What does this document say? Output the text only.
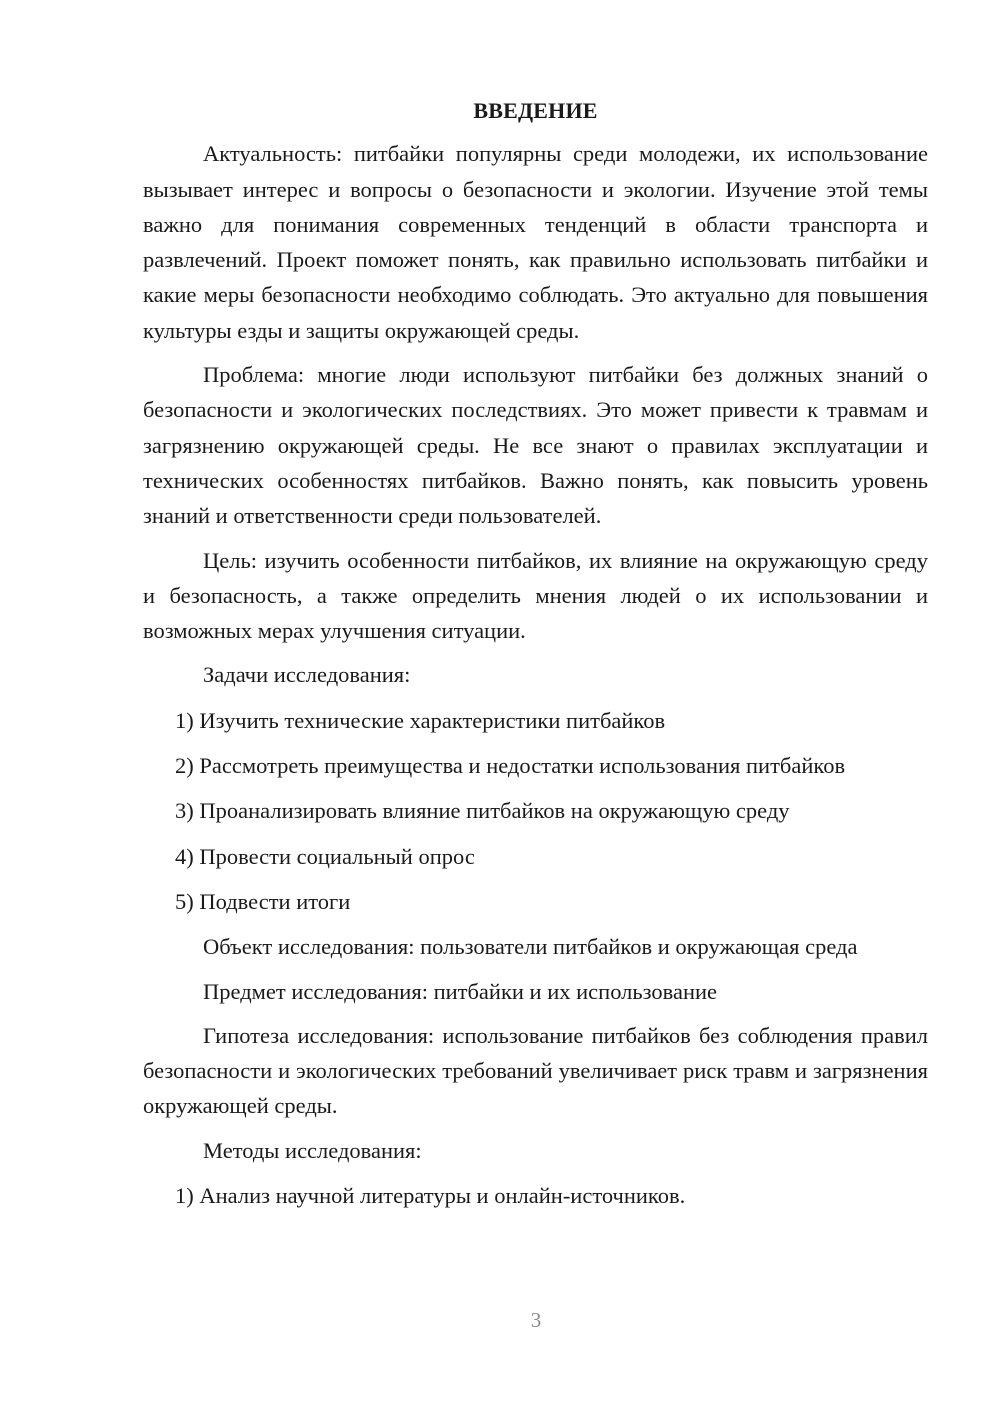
ВВЕДЕНИЕ

Актуальность: питбайки популярны среди молодежи, их использование вызывает интерес и вопросы о безопасности и экологии. Изучение этой темы важно для понимания современных тенденций в области транспорта и развлечений. Проект поможет понять, как правильно использовать питбайки и какие меры безопасности необходимо соблюдать. Это актуально для повышения культуры езды и защиты окружающей среды.

Проблема: многие люди используют питбайки без должных знаний о безопасности и экологических последствиях. Это может привести к травмам и загрязнению окружающей среды. Не все знают о правилах эксплуатации и технических особенностях питбайков. Важно понять, как повысить уровень знаний и ответственности среди пользователей.

Цель: изучить особенности питбайков, их влияние на окружающую среду и безопасность, а также определить мнения людей о их использовании и возможных мерах улучшения ситуации.

Задачи исследования:
1) Изучить технические характеристики питбайков
2) Рассмотреть преимущества и недостатки использования питбайков
3) Проанализировать влияние питбайков на окружающую среду
4) Провести социальный опрос
5) Подвести итоги

Объект исследования: пользователи питбайков и окружающая среда

Предмет исследования: питбайки и их использование

Гипотеза исследования: использование питбайков без соблюдения правил безопасности и экологических требований увеличивает риск травм и загрязнения окружающей среды.

Методы исследования:
1) Анализ научной литературы и онлайн-источников.
3
